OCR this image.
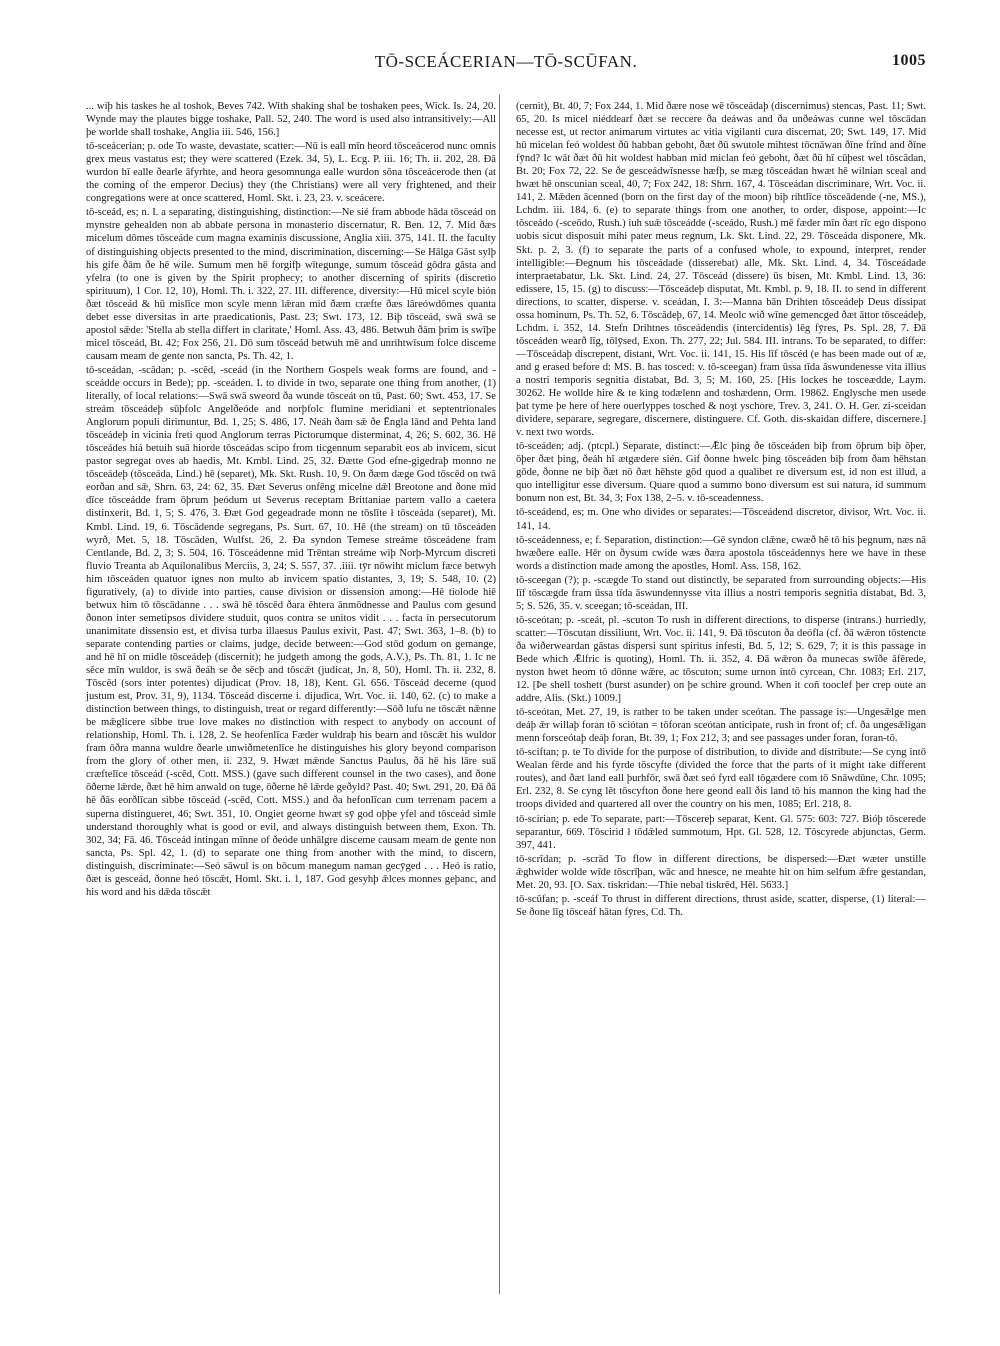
TŌ-SCEÁCERIAN—TŌ-SCŪFAN.	1005

... wiþ his taskes he al toshok, Beves 742. With shaking shal be toshaken pees, Wick. Is. 24, 20. Wynde may the plautes bigge toshake, Pall. 52, 240. The word is used also intransitively:—All þe worlde shall toshake, Anglia iii. 546, 156.]

tō-sceácerian; p. ode To waste, devastate, scatter:—Nū is eall mīn heord tōsceácerod nunc omnis grex meus vastatus est; they were scattered (Ezek. 34, 5), L. Ecg. P. iii. 16; Th. ii. 202, 28. Ðā wurdon hī ealle ðearle āfyrhte, and heora gesomnunga ealle wurdon sōna tōsceácerode then (at the coming of the emperor Decius) they (the Christians) were all very frightened, and their congregations were at once scattered, Homl. Skt. i. 23, 23. v. sceácere.

tō-sceád, es; n. I. a separating, distinguishing, distinction:—Ne sié fram abbode hāda tōsceád on mynstre gehealden non ab abbate persona in monasterio discernatur, R. Ben. 12, 7. Mid ðæs micelum dōmes tōsceáde cum magna examinis discussione, Anglia xiii. 375, 141. II. the faculty of distinguishing objects presented to the mind, discrimination, discerning:—Se Hālga Gāst sylþ his gife ðām ðe hē wile. Sumum men hē forgifþ wītegunge, sumum tōsceád gōdra gāsta and yfelra (to one is given by the Spirit prophecy; to another discerning of spirits (discretio spirituum), 1 Cor. 12, 10), Homl. Th. i. 322, 27. III. difference, diversity:—Hū micel scyle bión ðæt tōsceád & hū mislīce mon scyle menn lǣran mid ðæm cræfte ðæs lāreówdōmes quanta debet esse diversitas in arte praedicationis, Past. 23; Swt. 173, 12. Biþ tōsceád, swā swā se apostol sǣde: 'Stella ab stella differt in claritate,' Homl. Ass. 43, 486. Betwuh ðām þrim is swīþe micel tōsceád, Bt. 42; Fox 256, 21. Dō sum tōsceád betwuh mē and unrihtwīsum folce disceme causam meam de gente non sancta, Ps. Th. 42, 1.

tō-sceádan, -scādan; p. -scēd, -sceád (in the Northern Gospels weak forms are found, and -sceádde occurs in Bede); pp. -sceáden. I. to divide in two, separate one thing from another, (1) literally, of local relations:—Swā swā sweord ða wunde tōsceát on tū, Past. 60; Swt. 453, 17. Se streám tōsceádeþ sūþfolc Angelðeóde and norþfolc flumine meridiani et septentrionales Anglorum populi dirimuntur, Bd. 1, 25; S. 486, 17. Neáh ðam sǣ ðe Ēngla lānd and Pehta land tōsceádeþ in vicinia freti quod Anglorum terras Pictorumque disterminat, 4, 26; S. 602, 36. Hē tōsceádes hiá betuih suā hiorde tōsceádas scipo from ticgennum separabit eos ab invicem, sicut pastor segregat oves ab haedis, Mt. Kmbl. Lind. 25, 32. Ðætte God efne-gigedraþ monno ne tōsceádeþ (tōsceáda, Lind.) hē (separet), Mk. Skt. Rush. 10, 9. On ðæm dæge God tōscēd on twā eorðan and sǣ, Shrn. 63, 24: 62, 35. Ðæt Severus onfēng micelne dǣl Breotone and ðone mid dīce tōsceádde fram ōþrum þeódum ut Severus receptam Brittaniae partem vallo a caetera distinxerit, Bd. 1, 5; S. 476, 3. Ðæt God gegeadrade monn ne tōslīte ł tōsceáda (separet), Mt. Kmbl. Lind. 19, 6. Tōscādende segregans, Ps. Surt. 67, 10. Hē (the stream) on tū tōsceáden wyrð, Met. 5, 18. Tōscāden, Wulfst. 26, 2. Ða syndon Temese streáme tōsceádene fram Centlande, Bd. 2, 3; S. 504, 16. Tōsceádenne mid Trēntan streáme wiþ Norþ-Myrcum discreti fluvio Treanta ab Aquilonalibus Merciis, 3, 24; S. 557, 37. .iiii. tȳr nōwiht miclum fæce betwyh him tōsceáden quatuor ignes non multo ab invicem spatio distantes, 3, 19; S. 548, 10. (2) figuratively, (a) to divide into parties, cause division or dissension among:—Hē tiolode hiē betwux him tō tōscādanne . . . swā hē tōscēd ðara ēhtera ānmōdnesse and Paulus com gesund ðonon inter semetipsos dividere studuit, quos contra se unitos vidit . . . facta in persecutorum unanimitate dissensio est, et divisa turba illaesus Paulus exivit, Past. 47; Swt. 363, 1–8. (b) to separate contending parties or claims, judge, decide between:—God stōd godum on gemange, and hē hī on midle tōsceádeþ (discernit); he judgeth among the gods, A.V.), Ps. Th. 81, 1. Ic ne sēce mīn wuldor, is swā ðeáh se ðe sēcþ and tōscǣt (judicat, Jn. 8, 50), Homl. Th. ii. 232, 8. Tōscēd (sors inter potentes) dijudicat (Prov. 18, 18), Kent. Gl. 656. Tōsceád decerne (quod justum est, Prov. 31, 9), 1134. Tōsceád discerne i. dijudica, Wrt. Voc. ii. 140, 62. (c) to make a distinction between things, to distinguish, treat or regard differently:—Sōð lufu ne tōscǣt nǣnne be mǣglicere sibbe true love makes no distinction with respect to anybody on account of relationship, Homl. Th. i. 128, 2. Se heofenlīca Fæder wuldraþ his bearn and tōscǣt his wuldor fram ōðra manna wuldre ðearle unwiðmetenlīce he distinguishes his glory beyond comparison from the glory of other men, ii. 232, 9. Hwæt mǣnde Sanctus Paulus, ðā hē his lāre suā cræftelīce tōsceád (-scēd, Cott. MSS.) (gave such different counsel in the two cases), and ðone ōðerne lǣrde, ðæt hē him anwald on tuge, ōðerne hē lǣrde geðyld? Past. 40; Swt. 291, 20. Ðā ðā hē ðās eorðlīcan sibbe tōsceád (-scēd, Cott. MSS.) and ða hefonlīcan cum terrenam pacem a superna distingueret, 46; Swt. 351, 10. Ongiet georne hwæt sȳ god oþþe yfel and tōsceád simle understand thoroughly what is good or evil, and always distinguish between them, Exon. Th. 302, 34; Fā. 46. Tōsceád intingan mīnne of ðeóde unhālgre disceme causam meam de gente non sancta, Ps. Spl. 42, 1. (d) to separate one thing from another with the mind, to discern, distinguish, discriminate:—Seó sāwul is on bōcum manegum naman gecȳged . . . Heó is ratio, ðæt is gesceád, ðonne heó tōscǣt, Homl. Skt. i. 1, 187. God gesyhþ ǣlces monnes geþanc, and his word and his dǣda tōscǣt

(cernit), Bt. 40, 7; Fox 244, 1. Mid ðære nose wē tōsceádaþ (discernimus) stencas, Past. 11; Swt. 65, 20. Is micel niéddearf ðæt se reccere ða deáwas and ða unðeáwas cunne wel tōscādan necesse est, ut rector animarum virtutes ac vitia vigilanti cura discernat, 20; Swt. 149, 17. Mid hū micelan feó woldest ðū habban geboht, ðæt ðū swutole mihtest tōcnāwan ðīne frīnd and ðīne fȳnd? Ic wāt ðæt ðū hit woldest habban mid miclan feó geboht, ðæt ðū hī cūþest wel tōscādan, Bt. 20; Fox 72, 22. Se ðe gesceádwīsnesse hæfþ, se mæg tōsceádan hwæt hē wilnian sceal and hwæt hē onscunian sceal, 40, 7; Fox 242, 18: Shrn. 167, 4. Tōsceádan discriminare, Wrt. Voc. ii. 141, 2. Mǣden ācenned (born on the first day of the moon) biþ rihtlīce tōsceādende (-ne, MS.), Lchdm. iii. 184, 6. (e) to separate things from one another, to order, dispose, appoint:—Ic tōsceádo (-sceōdo, Rush.) iuh suǣ tōsceádde (-sceádo, Rush.) mē fæder mīn ðæt rīc ego dispono uobis sicut disposuit mihi pater meus regnum, Lk. Skt. Lind. 22, 29. Tōsceáda disponere, Mk. Skt. p. 2, 3. (f) to separate the parts of a confused whole, to expound, interpret, render intelligible:—Ðegnum his tōsceádade (disserebat) alle, Mk. Skt. Lind. 4, 34. Tōsceádade interpraetabatur, Lk. Skt. Lind. 24, 27. Tōsceád (dissere) ūs bisen, Mt. Kmbl. Lind. 13, 36: edissere, 15, 15. (g) to discuss:—Tōsceádeþ disputat, Mt. Kmbl. p. 9, 18. II. to send in different directions, to scatter, disperse. v. sceádan, I. 3:—Manna bān Drihten tōsceádeþ Deus dissipat ossa hominum, Ps. Th. 52, 6. Tōscādeþ, 67, 14. Meolc wið wīne gemencged ðæt āttor tōsceádeþ, Lchdm. i. 352, 14. Stefn Drihtnes tōsceádendis (intercidentis) lēg fȳres, Ps. Spl. 28, 7. Ðā tōsceáden wearð līg, tōlȳsed, Exon. Th. 277, 22; Jul. 584. III. intrans. To be separated, to differ:—Tōsceádaþ discrepent, distant, Wrt. Voc. ii. 141, 15. His līf tōscéd (e has been made out of æ, and g erased before d: MS. B. has tosced: v. tō-sceegan) fram ūssa tīda āswundenesse vita illius a nostri temporis segnitia distabat, Bd. 3, 5; M. 160, 25. [His lockes he tosceædde, Laym. 30262. He wollde hire & te king todælenn and toshædenn, Orm. 19862. Englysche men usede þat tyme þe here of here ouerlyppes tosched & noȝt yschore, Trev. 3, 241. O. H. Ger. zi-sceidan dividere, separare, segregare, discernere, distinguere. Cf. Goth. dis-skaidan differe, discernere.] v. next two words.

tō-sceáden; adj. (ptcpl.) Separate, distinct:—Ǣlc þing ðe tōsceáden biþ from ōþrum biþ ōþer, ōþer ðæt þing, ðeáh hī ætgædere sién. Gif ðonne hwelc þing tōsceáden biþ from ðam hēhstan gōde, ðonne ne biþ ðæt nō ðæt hēhste gōd quod a qualibet re diversum est, id non est illud, a quo intelligitur esse diversum. Quare quod a summo bono diversum est sui natura, id summum bonum non est, Bt. 34, 3; Fox 138, 2–5. v. tō-sceadenness.

tō-sceádend, es; m. One who divides or separates:—Tōsceádend discretor, divisor, Wrt. Voc. ii. 141, 14.

tō-sceádenness, e; f. Separation, distinction:—Gē syndon clǣne, cwæð hē tō his þegnum, næs nā hwæðere ealle. Hēr on ðysum cwide wæs ðæra apostola tōsceádennys here we have in these words a distinction made among the apostles, Homl. Ass. 158, 162.

tō-sceegan (?); p. -scægde To stand out distinctly, be separated from surrounding objects:—His līf tōscægde fram ūssa tīda āswundennysse vita illius a nostri temporis segnitia distabat, Bd. 3, 5; S. 526, 35. v. sceegan; tō-sceádan, III.

tō-sceótan; p. -sceát, pl. -scuton To rush in different directions, to disperse (intrans.) hurriedly, scatter:—Tōscutan dissiliunt, Wrt. Voc. ii. 141, 9. Ðā tōscuton ða deófla (cf. ðā wǣron tōstencte ða wiðerweardan gāstas dispersi sunt spiritus infesti, Bd. 5, 12; S. 629, 7; it is this passage in Bede which Ǣlfric is quoting), Homl. Th. ii. 352, 4. Ðā wǣron ða munecas swīðe āfērede, nyston hwet heom tō dōnne wǣre, ac tōscuton; sume urnon intō cyrcean, Chr. 1083; Erl. 217, 12. [Þe shell toshett (burst asunder) on þe schire ground. When it coñ tooclef þer crep oute an addre, Alis. (Skt.) 1009.]

tō-sceótan, Met. 27, 19, is rather to be taken under sceótan. The passage is:—Ungesǣlge men deáþ ǣr willaþ foran tō sciótan = tōforan sceótan anticipate, rush in front of; cf. ða ungesǣligan menn forsceótaþ deáþ foran, Bt. 39, 1; Fox 212, 3; and see passages under foran, foran-tō.

tō-sciftan; p. te To divide for the purpose of distribution, to divide and distribute:—Se cyng intō Wealan fērde and his fyrde tōscyfte (divided the force that the parts of it might take different routes), and ðæt land eall þurhfōr, swā ðæt seó fyrd eall tōgædere com tō Snāwdūne, Chr. 1095; Erl. 232, 8. Se cyng lēt tōscyfton ðone here geond eall ðis land tō his mannon the king had the troops divided and quartered all over the country on his men, 1085; Erl. 218, 8.

tō-scirian; p. ede To separate, part:—Tōscereþ separat, Kent. Gl. 575: 603: 727. Bióþ tōscerede separantur, 669. Tōscirid ł tōdǣled summotum, Hpt. Gl. 528, 12. Tōscyrede abjunctas, Germ. 397, 441.

tō-scrīdan; p. -scrād To flow in different directions, be dispersed:—Ðæt wæter unstille ǣghwider wolde wīde tōscrīþan, wāc and hnesce, ne meahte hit on him selfum ǣfre gestandan, Met. 20, 93. [O. Sax. tiskridan:—Thie nebal tiskrēd, Hēl. 5633.]

tō-scūfan; p. -sceáf To thrust in different directions, thrust aside, scatter, disperse, (1) literal:—Se ðone līg tōsceáf hātan fȳres, Cd. Th.
